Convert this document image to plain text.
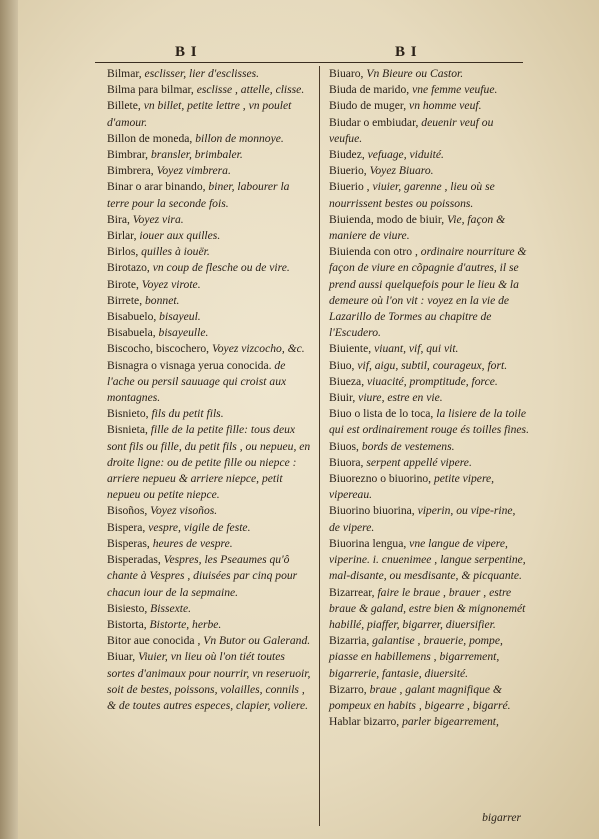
B I	B I

Bilmar, esclisser, lier d'esclisses.

Bilma para bilmar, esclisse , attelle, clisse.

Billete, vn billet, petite lettre , vn poulet d'amour.

Billon de moneda, billon de monnoye.

Bimbrar, bransler, brimbaler.

Bimbrera, Voyez vimbrera.

Binar o arar binando, biner, labourer la terre pour la seconde fois.

Bira, Voyez vira.

Birlar, iouer aux quilles.

Birlos, quilles à iouër.

Birotazo, vn coup de flesche ou de vire.

Birote, Voyez virote.

Birrete, bonnet.

Bisabuelo, bisayeul.

Bisabuela, bisayeulle.

Biscocho, biscochero, Voyez vizcocho, &c.

Bisnagra o visnaga yerua conocida. de l'ache ou persil sauuage qui croist aux montagnes.

Bisnieto, fils du petit fils.

Bisnieta, fille de la petite fille: tous deux sont fils ou fille, du petit fils , ou nepueu, en droite ligne: ou de petite fille ou niepce : arriere nepueu & arriere niepce, petit nepueu ou petite niepce.

Bisoños, Voyez visoños.

Bispera, vespre, vigile de feste.

Bisperas, heures de vespre.

Bisperadas, Vespres, les Pseaumes qu'ô chante à Vespres , diuisées par cinq pour chacun iour de la sepmaine.

Bisiesto, Bissexte.

Bistorta, Bistorte, herbe.

Bitor aue conocida , Vn Butor ou Galerand.

Biuar, Viuier, vn lieu où l'on tiét toutes sortes d'animaux pour nourrir, vn reseruoir, soit de bestes, poissons, volailles, connils , & de toutes autres especes, clapier, voliere.

Biuaro, Vn Bieure ou Castor.

Biuda de marido, vne femme veufue.

Biudo de muger, vn homme veuf.

Biudar o embiudar, deuenir veuf ou veufue.

Biudez, vefuage, viduité.

Biuerio, Voyez Biuaro.

Biuerio , viuier, garenne , lieu où se nourrissent bestes ou poissons.

Biuienda, modo de biuir, Vie, façon & maniere de viure.

Biuienda con otro , ordinaire nourriture & façon de viure en cõpagnie d'autres, il se prend aussi quelquefois pour le lieu & la demeure où l'on vit : voyez en la vie de Lazarillo de Tormes au chapitre de l'Escudero.

Biuiente, viuant, vif, qui vit.

Biuo, vif, aigu, subtil, courageux, fort.

Biueza, viuacité, promptitude, force.

Biuir, viure, estre en vie.

Biuo o lista de lo toca, la lisiere de la toile qui est ordinairement rouge és toilles fines.

Biuos, bords de vestemens.

Biuora, serpent appellé vipere.

Biuorezno o biuorino, petite vipere, vipereau.

Biuorino biuorina, viperin, ou vipe-rine, de vipere.

Biuorina lengua, vne langue de vipere, viperine. i. cnuenimee , langue serpentine, mal-disante, ou mesdisante, & picquante.

Bizarrear, faire le braue , brauer , estre braue & galand, estre bien & mignonemét habillé, piaffer, bigarrer, diuersifier.

Bizarria, galantise , brauerie, pompe, piasse en habillemens , bigarrement, bigarrerie, fantasie, diuersité.

Bizarro, braue , galant magnifique & pompeux en habits , bigearre , bigarré.

Hablar bizarro, parler bigearrement,

bigarrer
